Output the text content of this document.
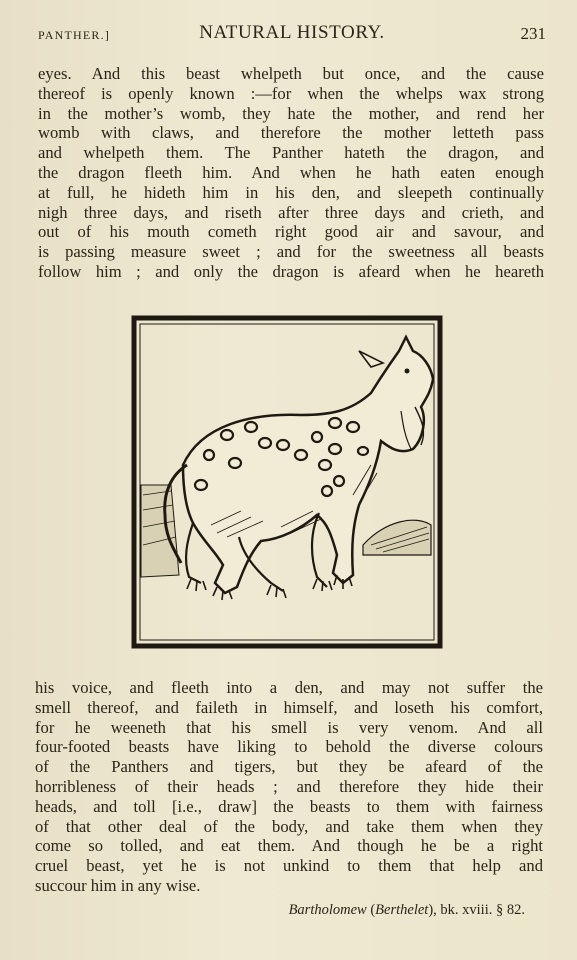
PANTHER.]	NATURAL HISTORY.	231
eyes. And this beast whelpeth but once, and the cause
thereof is openly known :—for when the whelps wax strong
in the mother’s womb, they hate the mother, and rend her
womb with claws, and therefore the mother letteth pass
and whelpeth them. The Panther hateth the dragon, and
the dragon fleeth him. And when he hath eaten enough
at full, he hideth him in his den, and sleepeth continually
nigh three days, and riseth after three days and crieth, and
out of his mouth cometh right good air and savour, and
is passing measure sweet ; and for the sweetness all beasts
follow him ; and only the dragon is afeard when he heareth
his voice, and fleeth into a den, and may not suffer the
smell thereof, and faileth in himself, and loseth his comfort,
for he weeneth that his smell is very venom. And all
four-footed beasts have liking to behold the diverse colours
of the Panthers and tigers, but they be afeard of the
horribleness of their heads ; and therefore they hide their
heads, and toll [i.e., draw] the beasts to them with fairness
of that other deal of the body, and take them when they
come so tolled, and eat them. And though he be a right
cruel beast, yet he is not unkind to them that help and
succour him in any wise.
Bartholomew (Berthelet), bk. xviii. § 82.
